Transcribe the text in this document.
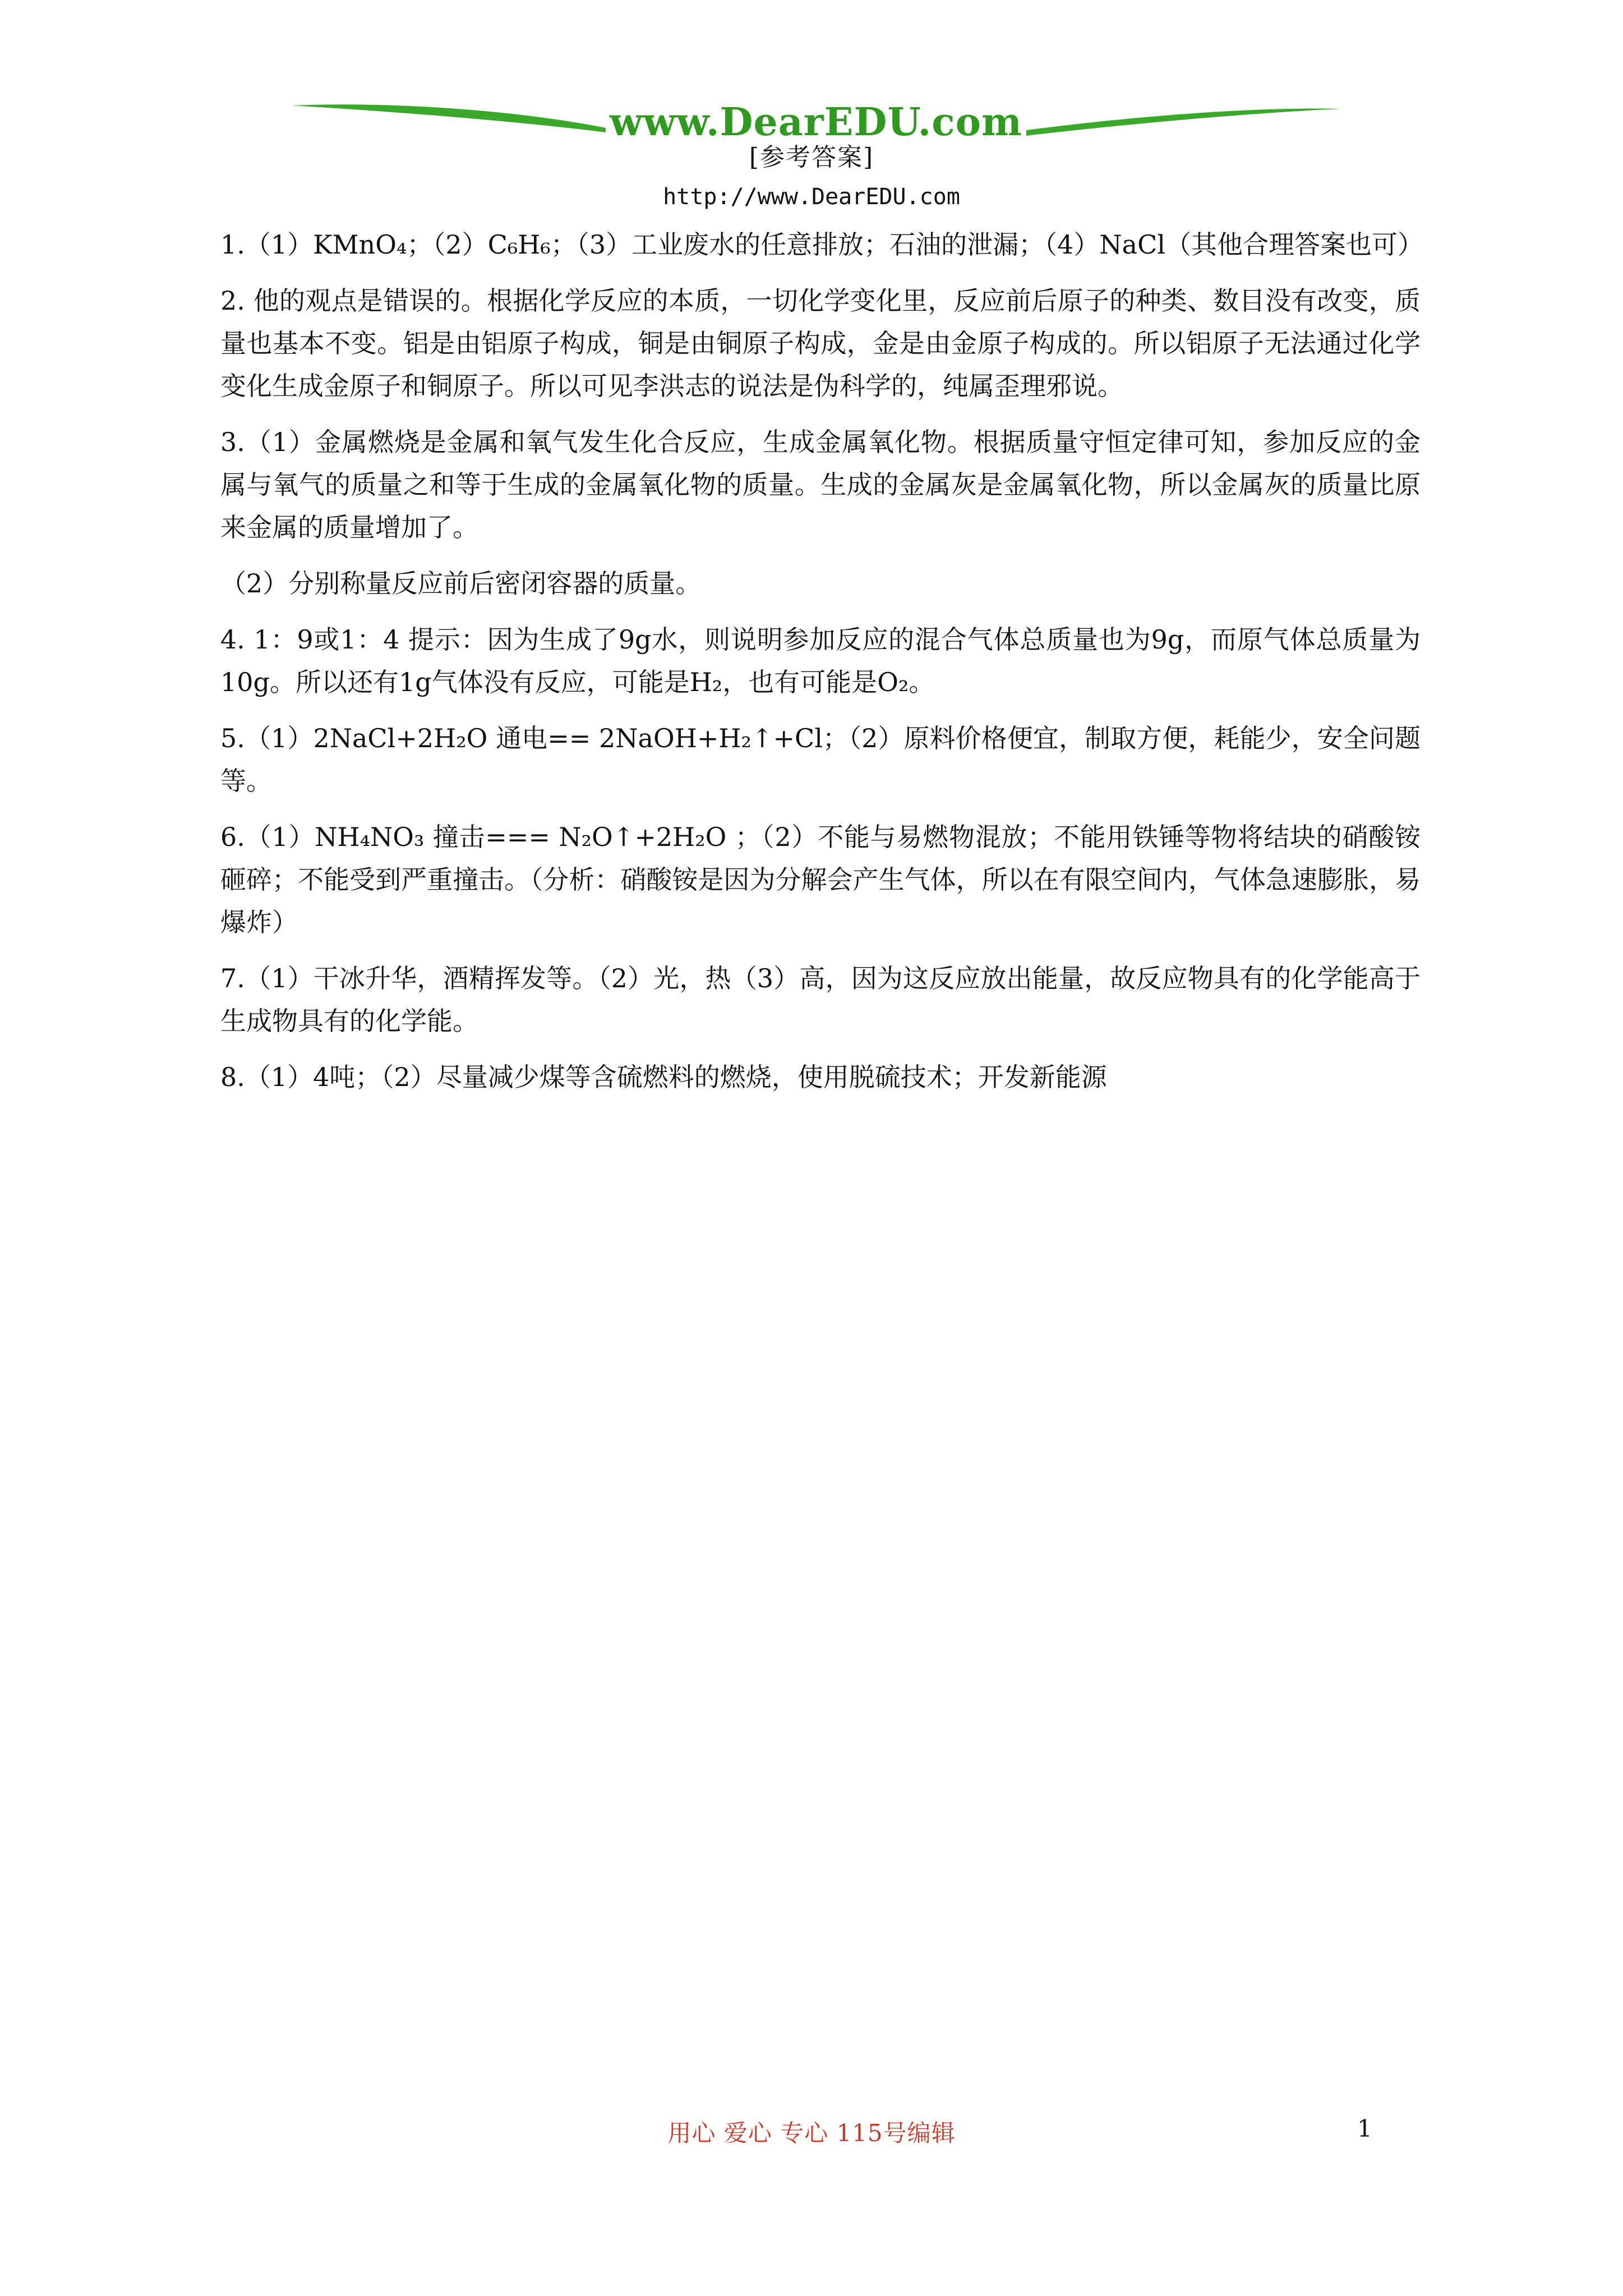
www.DearEDU.com
[参考答案]
http://www.DearEDU.com

1.（1）KMnO₄；（2）C₆H₆；（3）工业废水的任意排放；石油的泄漏；（4）NaCl（其他合理答案也可）

2. 他的观点是错误的。根据化学反应的本质，一切化学变化里，反应前后原子的种类、数目没有改变，质量也基本不变。铝是由铝原子构成，铜是由铜原子构成，金是由金原子构成的。所以铝原子无法通过化学变化生成金原子和铜原子。所以可见李洪志的说法是伪科学的，纯属歪理邪说。

3.（1）金属燃烧是金属和氧气发生化合反应，生成金属氧化物。根据质量守恒定律可知，参加反应的金属与氧气的质量之和等于生成的金属氧化物的质量。生成的金属灰是金属氧化物，所以金属灰的质量比原来金属的质量增加了。

（2）分别称量反应前后密闭容器的质量。

4. 1：9或1：4 提示：因为生成了9g水，则说明参加反应的混合气体总质量也为9g，而原气体总质量为10g。所以还有1g气体没有反应，可能是H₂，也有可能是O₂。

5.（1）2NaCl+2H₂O 通电== 2NaOH+H₂↑+Cl；（2）原料价格便宜，制取方便，耗能少，安全问题等。

6.（1）NH₄NO₃ 撞击=== N₂O↑+2H₂O ；（2）不能与易燃物混放；不能用铁锤等物将结块的硝酸铵砸碎；不能受到严重撞击。（分析：硝酸铵是因为分解会产生气体，所以在有限空间内，气体急速膨胀，易爆炸）

7.（1）干冰升华，酒精挥发等。（2）光，热（3）高，因为这反应放出能量，故反应物具有的化学能高于生成物具有的化学能。

8.（1）4吨；（2）尽量减少煤等含硫燃料的燃烧，使用脱硫技术；开发新能源

用心 爱心 专心 115号编辑	1
